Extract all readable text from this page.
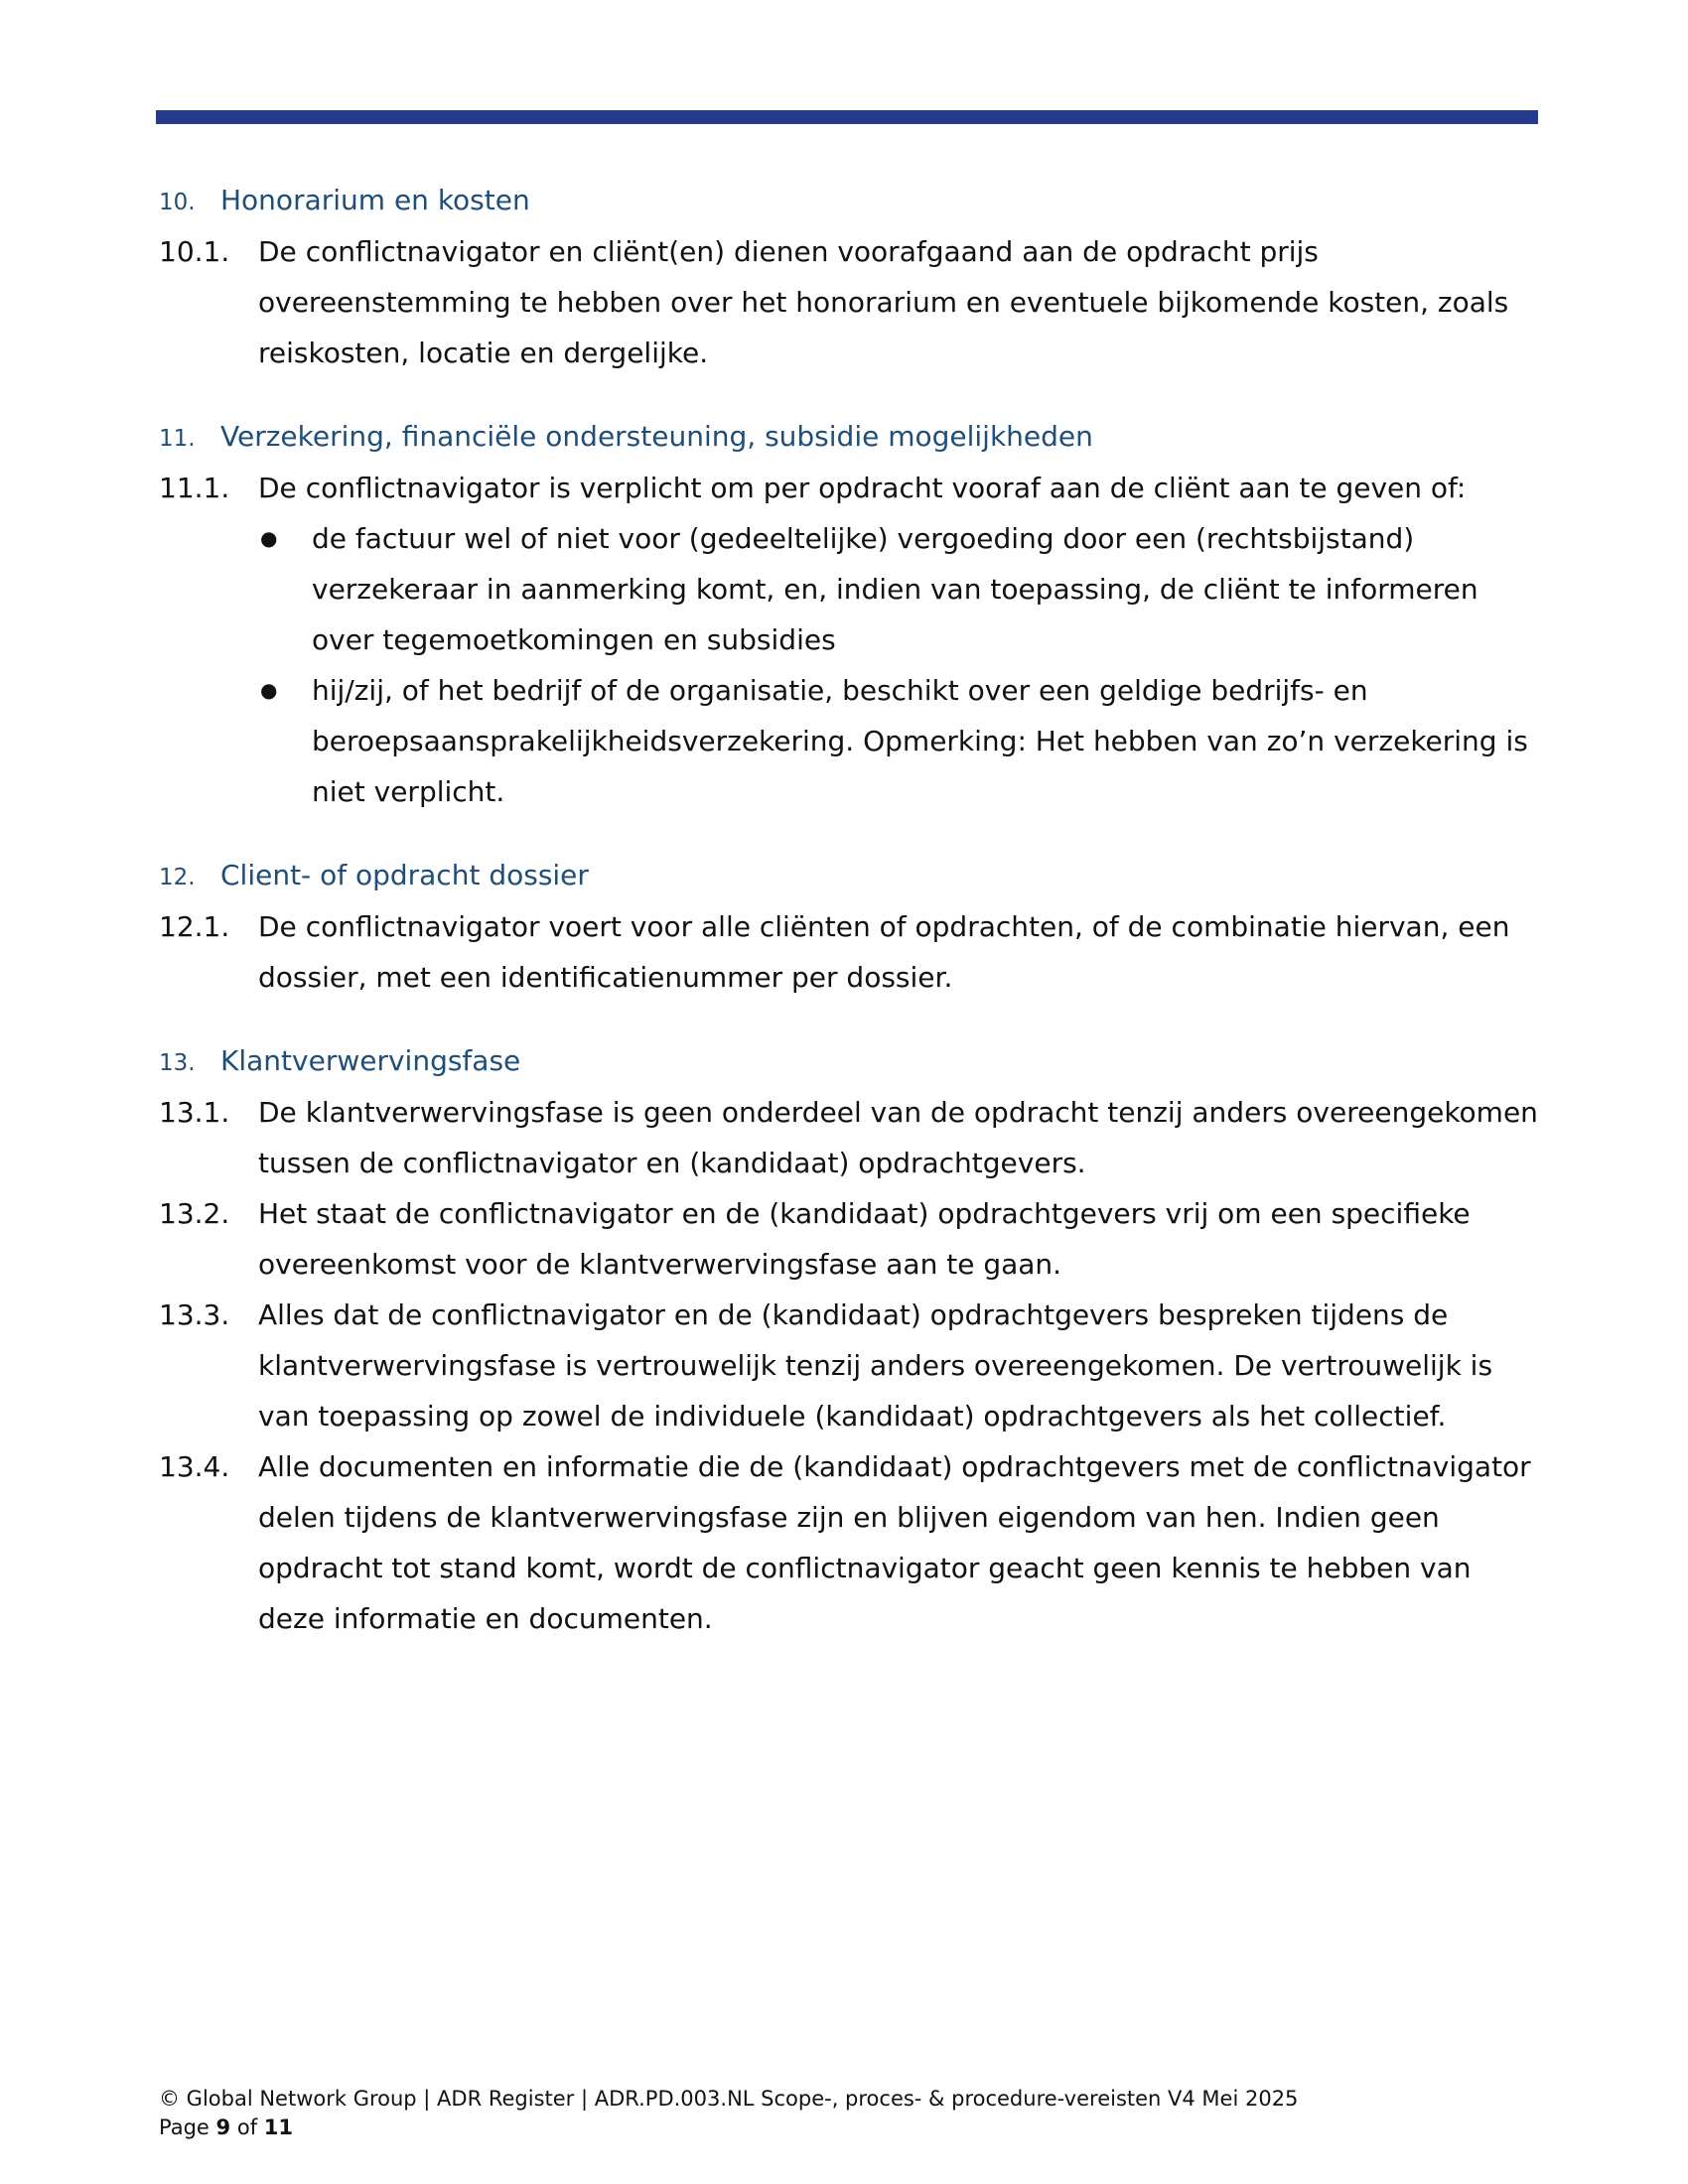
10. Honorarium en kosten
10.1.	De conflictnavigator en cliënt(en) dienen voorafgaand aan de opdracht prijs overeenstemming te hebben over het honorarium en eventuele bijkomende kosten, zoals reiskosten, locatie en dergelijke.
11. Verzekering, financiële ondersteuning, subsidie mogelijkheden
11.1.	De conflictnavigator is verplicht om per opdracht vooraf aan de cliënt aan te geven of:
●	de factuur wel of niet voor (gedeeltelijke) vergoeding door een (rechtsbijstand) verzekeraar in aanmerking komt, en, indien van toepassing, de cliënt te informeren over tegemoetkomingen en subsidies
●	hij/zij, of het bedrijf of de organisatie, beschikt over een geldige bedrijfs- en beroepsaansprakelijkheidsverzekering. Opmerking: Het hebben van zo’n verzekering is niet verplicht.
12. Client- of opdracht dossier
12.1.	De conflictnavigator voert voor alle cliënten of opdrachten, of de combinatie hiervan, een dossier, met een identificatienummer per dossier.
13. Klantverwervingsfase
13.1.	De klantverwervingsfase is geen onderdeel van de opdracht tenzij anders overeengekomen tussen de conflictnavigator en (kandidaat) opdrachtgevers.
13.2.	Het staat de conflictnavigator en de (kandidaat) opdrachtgevers vrij om een specifieke overeenkomst voor de klantverwervingsfase aan te gaan.
13.3.	Alles dat de conflictnavigator en de (kandidaat) opdrachtgevers bespreken tijdens de klantverwervingsfase is vertrouwelijk tenzij anders overeengekomen. De vertrouwelijk is van toepassing op zowel de individuele (kandidaat) opdrachtgevers als het collectief.
13.4.	Alle documenten en informatie die de (kandidaat) opdrachtgevers met de conflictnavigator delen tijdens de klantverwervingsfase zijn en blijven eigendom van hen. Indien geen opdracht tot stand komt, wordt de conflictnavigator geacht geen kennis te hebben van deze informatie en documenten.
© Global Network Group | ADR Register | ADR.PD.003.NL Scope-, proces- & procedure-vereisten V4 Mei 2025
Page 9 of 11
